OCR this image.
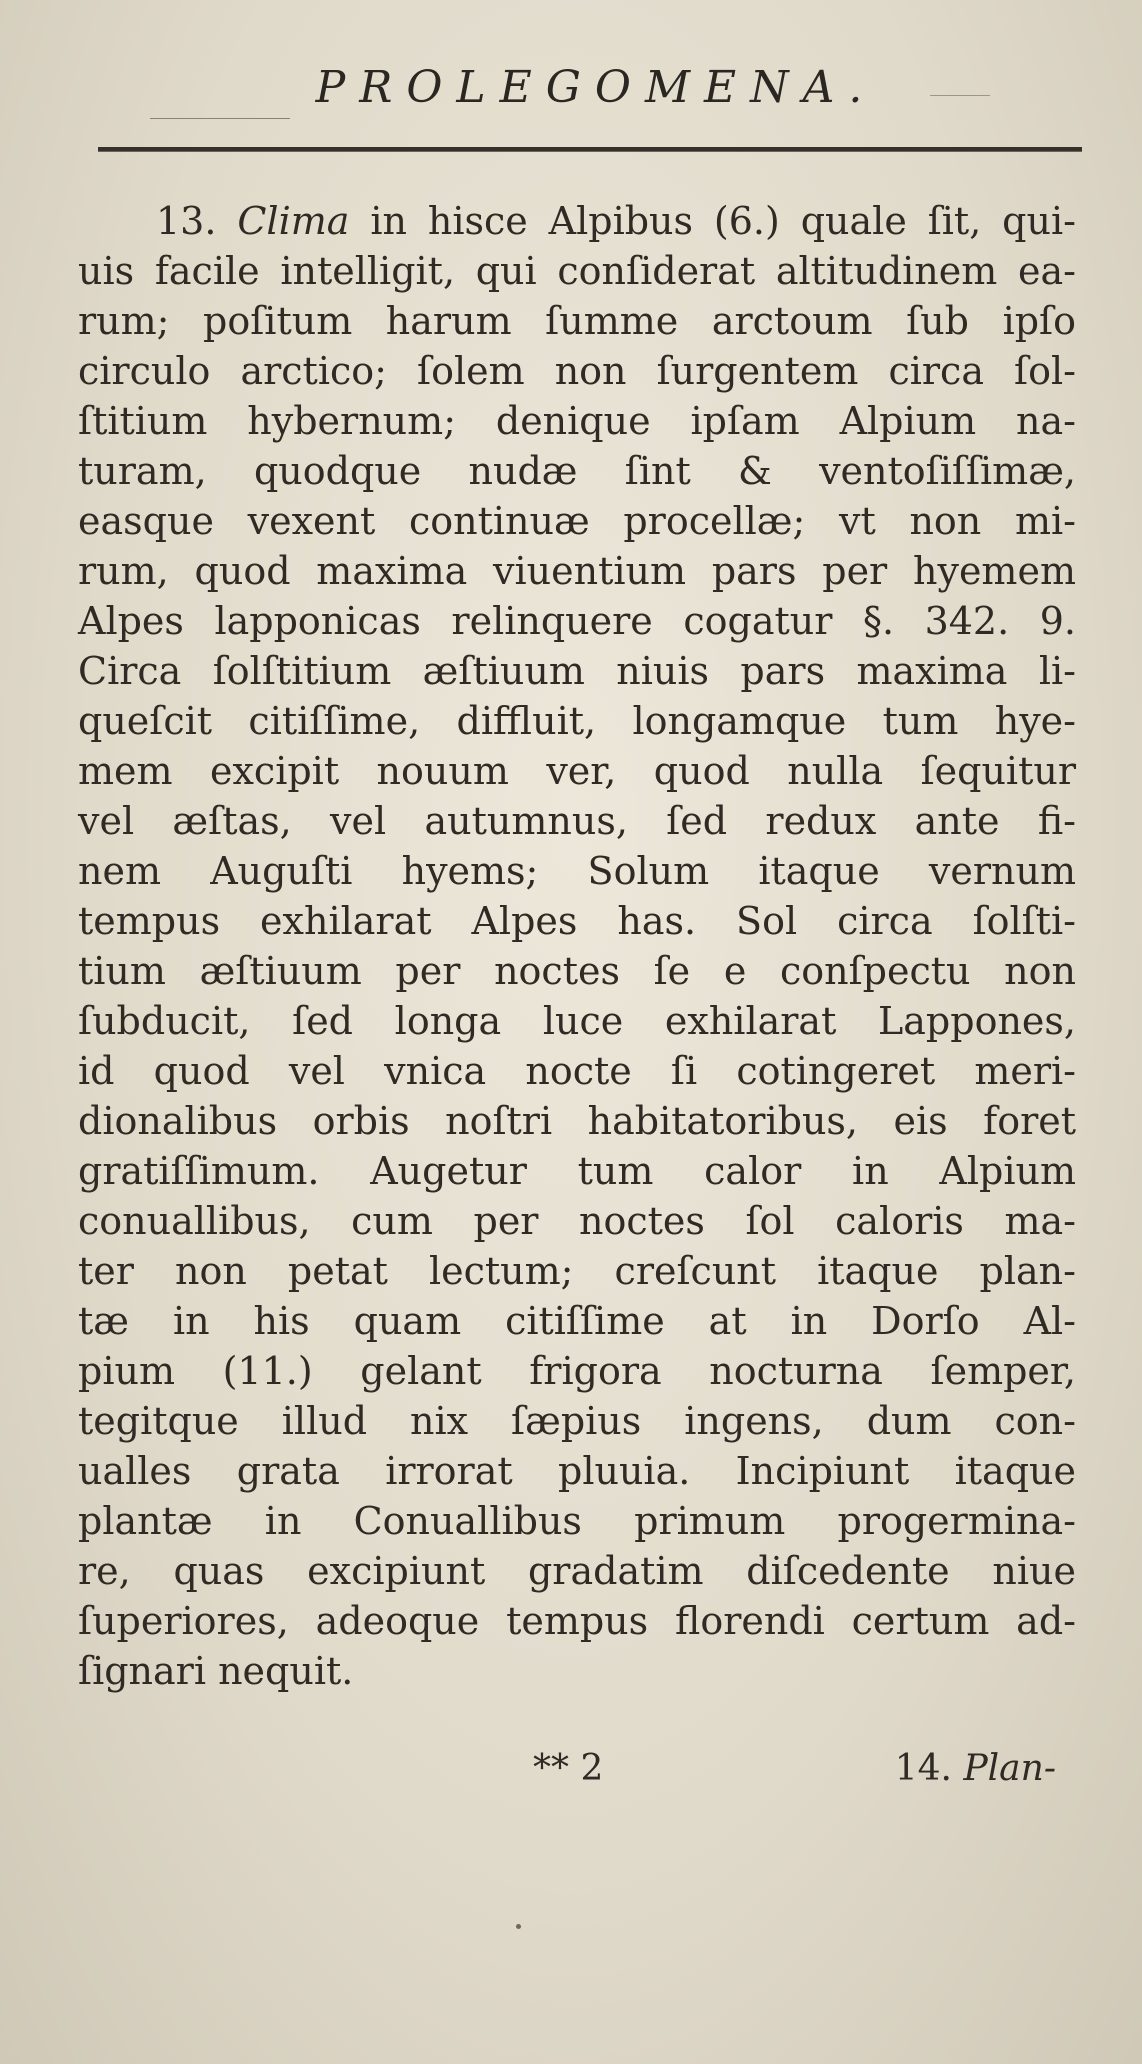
PROLEGOMENA.
13. Clima in hisce Alpibus (6.) quale ſit, qui-
uis facile intelligit, qui conſiderat altitudinem ea-
rum; poſitum harum ſumme arctoum ſub ipſo
circulo arctico; ſolem non ſurgentem circa ſol-
ſtitium hybernum; denique ipſam Alpium na-
turam, quodque nudæ ſint & ventoſiſſimæ,
easque vexent continuæ procellæ; vt non mi-
rum, quod maxima viuentium pars per hyemem
Alpes lapponicas relinquere cogatur §. 342. 9.
Circa ſolſtitium æſtiuum niuis pars maxima li-
queſcit citiſſime, diffluit, longamque tum hye-
mem excipit nouum ver, quod nulla ſequitur
vel æſtas, vel autumnus, ſed redux ante fi-
nem Auguſti hyems; Solum itaque vernum
tempus exhilarat Alpes has. Sol circa ſolſti-
tium æſtiuum per noctes ſe e conſpectu non
ſubducit, ſed longa luce exhilarat Lappones,
id quod vel vnica nocte ſi cotingeret meri-
dionalibus orbis noſtri habitatoribus, eis foret
gratiſſimum. Augetur tum calor in Alpium
conuallibus, cum per noctes ſol caloris ma-
ter non petat lectum; creſcunt itaque plan-
tæ in his quam citiſſime at in Dorſo Al-
pium (11.) gelant frigora nocturna ſemper,
tegitque illud nix ſæpius ingens, dum con-
ualles grata irrorat pluuia. Incipiunt itaque
plantæ in Conuallibus primum progermina-
re, quas excipiunt gradatim diſcedente niue
ſuperiores, adeoque tempus florendi certum ad-
ſignari nequit.
** 2	14. Plan-
